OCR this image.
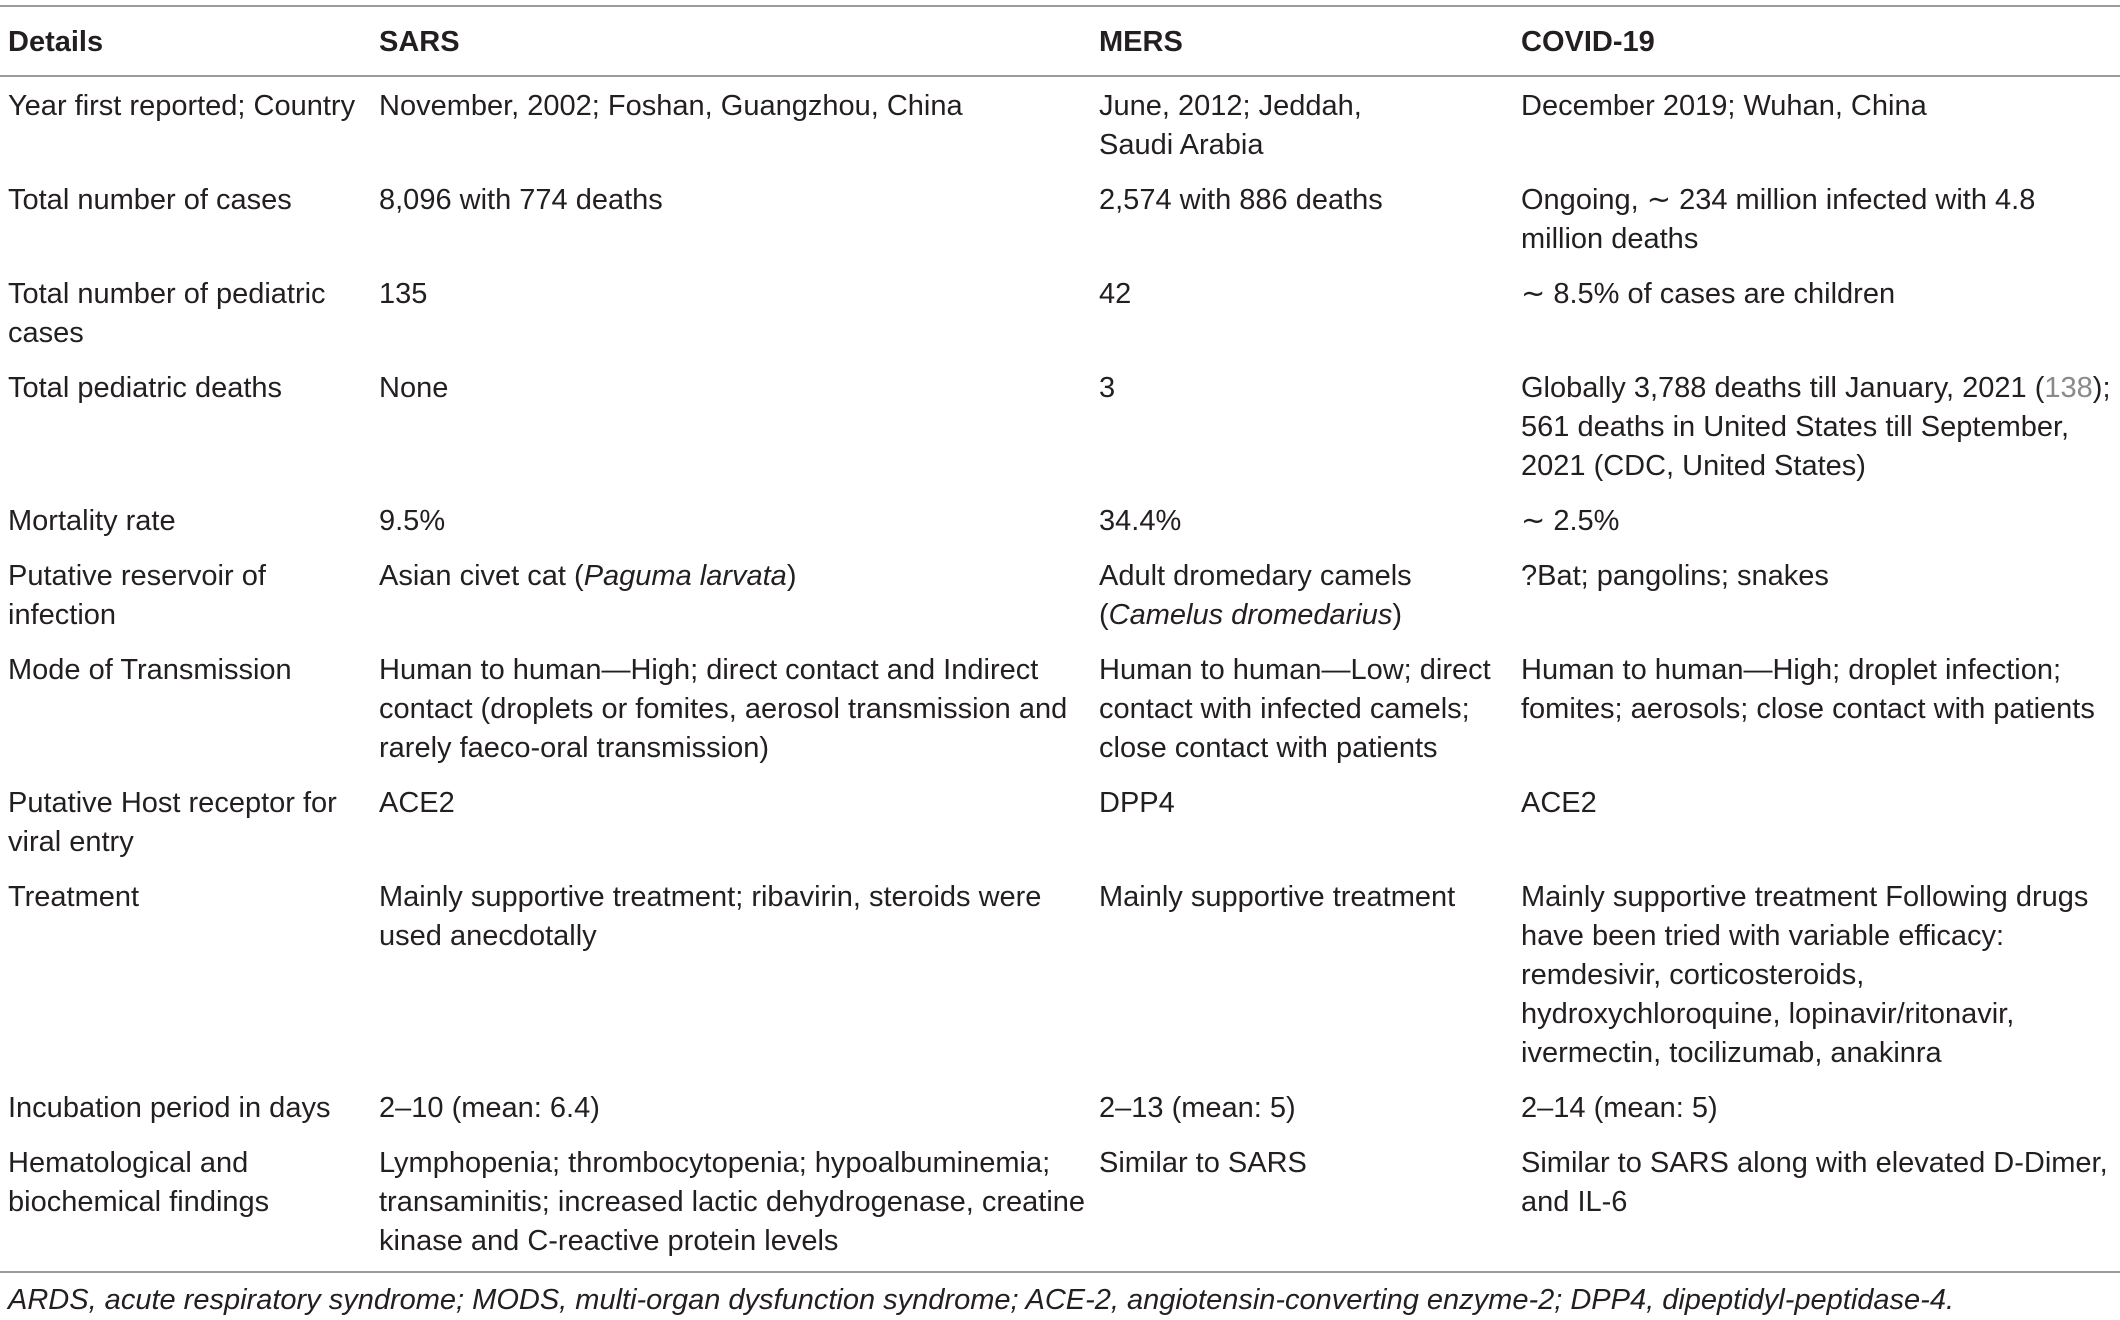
Details	SARS	MERS	COVID-19
Year first reported; Country	November, 2002; Foshan, Guangzhou, China	June, 2012; Jeddah, Saudi Arabia	December 2019; Wuhan, China
Total number of cases	8,096 with 774 deaths	2,574 with 886 deaths	Ongoing, ∼ 234 million infected with 4.8 million deaths
Total number of pediatric cases	135	42	∼ 8.5% of cases are children
Total pediatric deaths	None	3	Globally 3,788 deaths till January, 2021 (138); 561 deaths in United States till September, 2021 (CDC, United States)
Mortality rate	9.5%	34.4%	∼ 2.5%
Putative reservoir of infection	Asian civet cat (Paguma larvata)	Adult dromedary camels (Camelus dromedarius)	?Bat; pangolins; snakes
Mode of Transmission	Human to human—High; direct contact and Indirect contact (droplets or fomites, aerosol transmission and rarely faeco-oral transmission)	Human to human—Low; direct contact with infected camels; close contact with patients	Human to human—High; droplet infection; fomites; aerosols; close contact with patients
Putative Host receptor for viral entry	ACE2	DPP4	ACE2
Treatment	Mainly supportive treatment; ribavirin, steroids were used anecdotally	Mainly supportive treatment	Mainly supportive treatment Following drugs have been tried with variable efficacy: remdesivir, corticosteroids, hydroxychloroquine, lopinavir/ritonavir, ivermectin, tocilizumab, anakinra
Incubation period in days	2–10 (mean: 6.4)	2–13 (mean: 5)	2–14 (mean: 5)
Hematological and biochemical findings	Lymphopenia; thrombocytopenia; hypoalbuminemia; transaminitis; increased lactic dehydrogenase, creatine kinase and C-reactive protein levels	Similar to SARS	Similar to SARS along with elevated D-Dimer, and IL-6
ARDS, acute respiratory syndrome; MODS, multi-organ dysfunction syndrome; ACE-2, angiotensin-converting enzyme-2; DPP4, dipeptidyl-peptidase-4.
